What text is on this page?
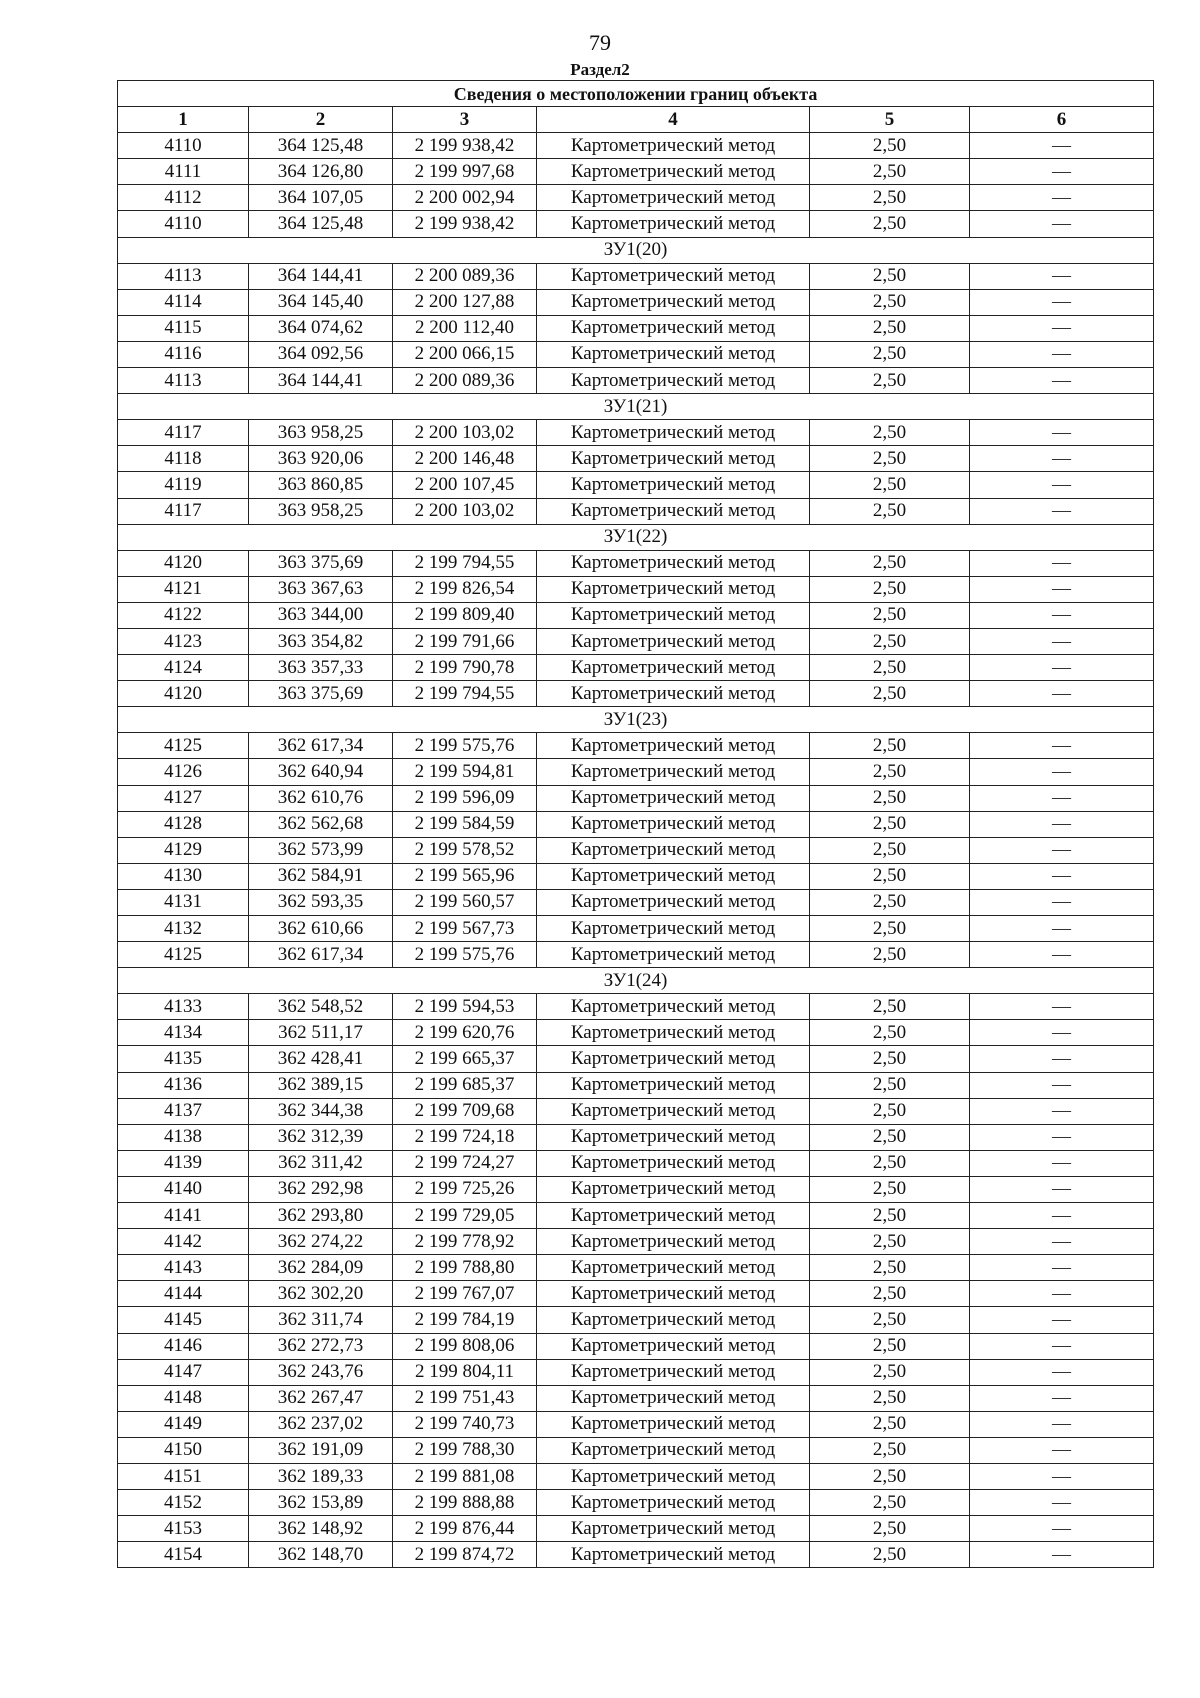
79
Раздел2
Сведения о местоположении границ объекта					
1	2	3	4	5	6
4110	364 125,48	2 199 938,42	Картометрический метод	2,50	—
4111	364 126,80	2 199 997,68	Картометрический метод	2,50	—
4112	364 107,05	2 200 002,94	Картометрический метод	2,50	—
4110	364 125,48	2 199 938,42	Картометрический метод	2,50	—
ЗУ1(20)					
4113	364 144,41	2 200 089,36	Картометрический метод	2,50	—
4114	364 145,40	2 200 127,88	Картометрический метод	2,50	—
4115	364 074,62	2 200 112,40	Картометрический метод	2,50	—
4116	364 092,56	2 200 066,15	Картометрический метод	2,50	—
4113	364 144,41	2 200 089,36	Картометрический метод	2,50	—
ЗУ1(21)					
4117	363 958,25	2 200 103,02	Картометрический метод	2,50	—
4118	363 920,06	2 200 146,48	Картометрический метод	2,50	—
4119	363 860,85	2 200 107,45	Картометрический метод	2,50	—
4117	363 958,25	2 200 103,02	Картометрический метод	2,50	—
ЗУ1(22)					
4120	363 375,69	2 199 794,55	Картометрический метод	2,50	—
4121	363 367,63	2 199 826,54	Картометрический метод	2,50	—
4122	363 344,00	2 199 809,40	Картометрический метод	2,50	—
4123	363 354,82	2 199 791,66	Картометрический метод	2,50	—
4124	363 357,33	2 199 790,78	Картометрический метод	2,50	—
4120	363 375,69	2 199 794,55	Картометрический метод	2,50	—
ЗУ1(23)					
4125	362 617,34	2 199 575,76	Картометрический метод	2,50	—
4126	362 640,94	2 199 594,81	Картометрический метод	2,50	—
4127	362 610,76	2 199 596,09	Картометрический метод	2,50	—
4128	362 562,68	2 199 584,59	Картометрический метод	2,50	—
4129	362 573,99	2 199 578,52	Картометрический метод	2,50	—
4130	362 584,91	2 199 565,96	Картометрический метод	2,50	—
4131	362 593,35	2 199 560,57	Картометрический метод	2,50	—
4132	362 610,66	2 199 567,73	Картометрический метод	2,50	—
4125	362 617,34	2 199 575,76	Картометрический метод	2,50	—
ЗУ1(24)					
4133	362 548,52	2 199 594,53	Картометрический метод	2,50	—
4134	362 511,17	2 199 620,76	Картометрический метод	2,50	—
4135	362 428,41	2 199 665,37	Картометрический метод	2,50	—
4136	362 389,15	2 199 685,37	Картометрический метод	2,50	—
4137	362 344,38	2 199 709,68	Картометрический метод	2,50	—
4138	362 312,39	2 199 724,18	Картометрический метод	2,50	—
4139	362 311,42	2 199 724,27	Картометрический метод	2,50	—
4140	362 292,98	2 199 725,26	Картометрический метод	2,50	—
4141	362 293,80	2 199 729,05	Картометрический метод	2,50	—
4142	362 274,22	2 199 778,92	Картометрический метод	2,50	—
4143	362 284,09	2 199 788,80	Картометрический метод	2,50	—
4144	362 302,20	2 199 767,07	Картометрический метод	2,50	—
4145	362 311,74	2 199 784,19	Картометрический метод	2,50	—
4146	362 272,73	2 199 808,06	Картометрический метод	2,50	—
4147	362 243,76	2 199 804,11	Картометрический метод	2,50	—
4148	362 267,47	2 199 751,43	Картометрический метод	2,50	—
4149	362 237,02	2 199 740,73	Картометрический метод	2,50	—
4150	362 191,09	2 199 788,30	Картометрический метод	2,50	—
4151	362 189,33	2 199 881,08	Картометрический метод	2,50	—
4152	362 153,89	2 199 888,88	Картометрический метод	2,50	—
4153	362 148,92	2 199 876,44	Картометрический метод	2,50	—
4154	362 148,70	2 199 874,72	Картометрический метод	2,50	—
